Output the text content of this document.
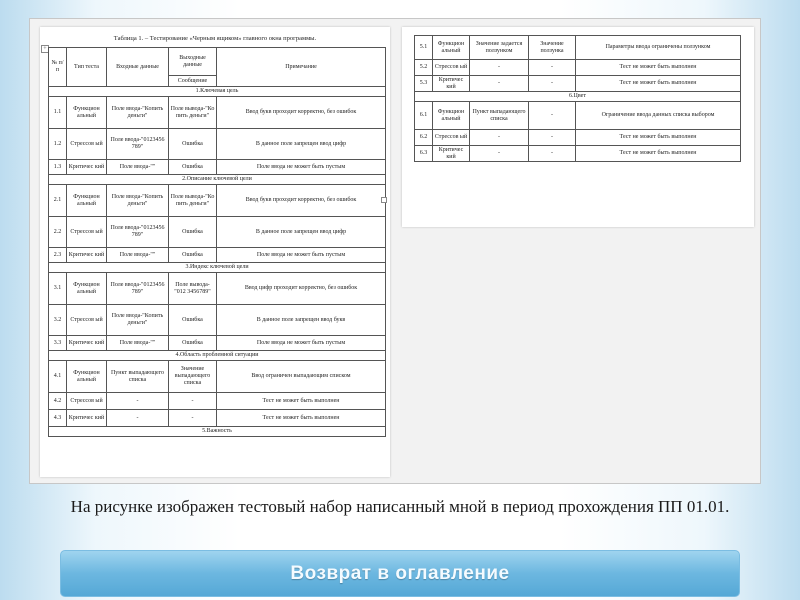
+
Таблица 1. – Тестирование «Черным ящиком» главного окна программы.
№ п/п	Тип теста	Входные данные	Выходные данные	Примечание
			Сообщение	
1.Ключевая цель				
1.1	Функцион альный	Поле ввода-"Копить деньги"	Поле вывода-"Ко пить деньги"	Ввод букв проходит корректно, без ошибок
1.2	Стрессов ый	Поле ввода-"0123456 789"	Ошибка	В данное поле запрещен ввод цифр
1.3	Критичес кий	Поле ввода-""	Ошибка	Поле ввода не может быть пустым
2.Описание ключевой цели				
2.1	Функцион альный	Поле ввода-"Копить деньги"	Поле вывода-"Ко пить деньги"	Ввод букв проходит корректно, без ошибок
2.2	Стрессов ый	Поле ввода-"0123456 789"	Ошибка	В данное поле запрещен ввод цифр
2.3	Критичес кий	Поле ввода-""	Ошибка	Поле ввода не может быть пустым
3.Индекс ключевой цели				
3.1	Функцион альный	Поле ввода-"0123456 789"	Поле вывода-"012 3456789"	Ввод цифр проходит корректно, без ошибок
3.2	Стрессов ый	Поле ввода-"Копить деньги"	Ошибка	В данное поле запрещен ввод букв
3.3	Критичес кий	Поле ввода-""	Ошибка	Поле ввода не может быть пустым
4.Область проблемной ситуации				
4.1	Функцион альный	Пункт выпадающего списка	Значение выпадающего списка	Ввод ограничен выпадающим списком
4.2	Стрессов ый	-	-	Тест не может быть выполнен
4.3	Критичес кий	-	-	Тест не может быть выполнен
5.Важность				
5.1	Функцион альный	Значение задается ползунком	Значение ползунка	Параметры ввода ограничены ползунком
5.2	Стрессов ый	-	-	Тест не может быть выполнен
5.3	Критичес кий	-	-	Тест не может быть выполнен
6.Цвет				
6.1	Функцион альный	Пункт выпадающего списка	-	Ограничение ввода данных списка выбором
6.2	Стрессов ый	-	-	Тест не может быть выполнен
6.3	Критичес кий	-	-	Тест не может быть выполнен
На рисунке изображен тестовый набор написанный мной в период прохождения ПП 01.01.
Возврат в оглавление
